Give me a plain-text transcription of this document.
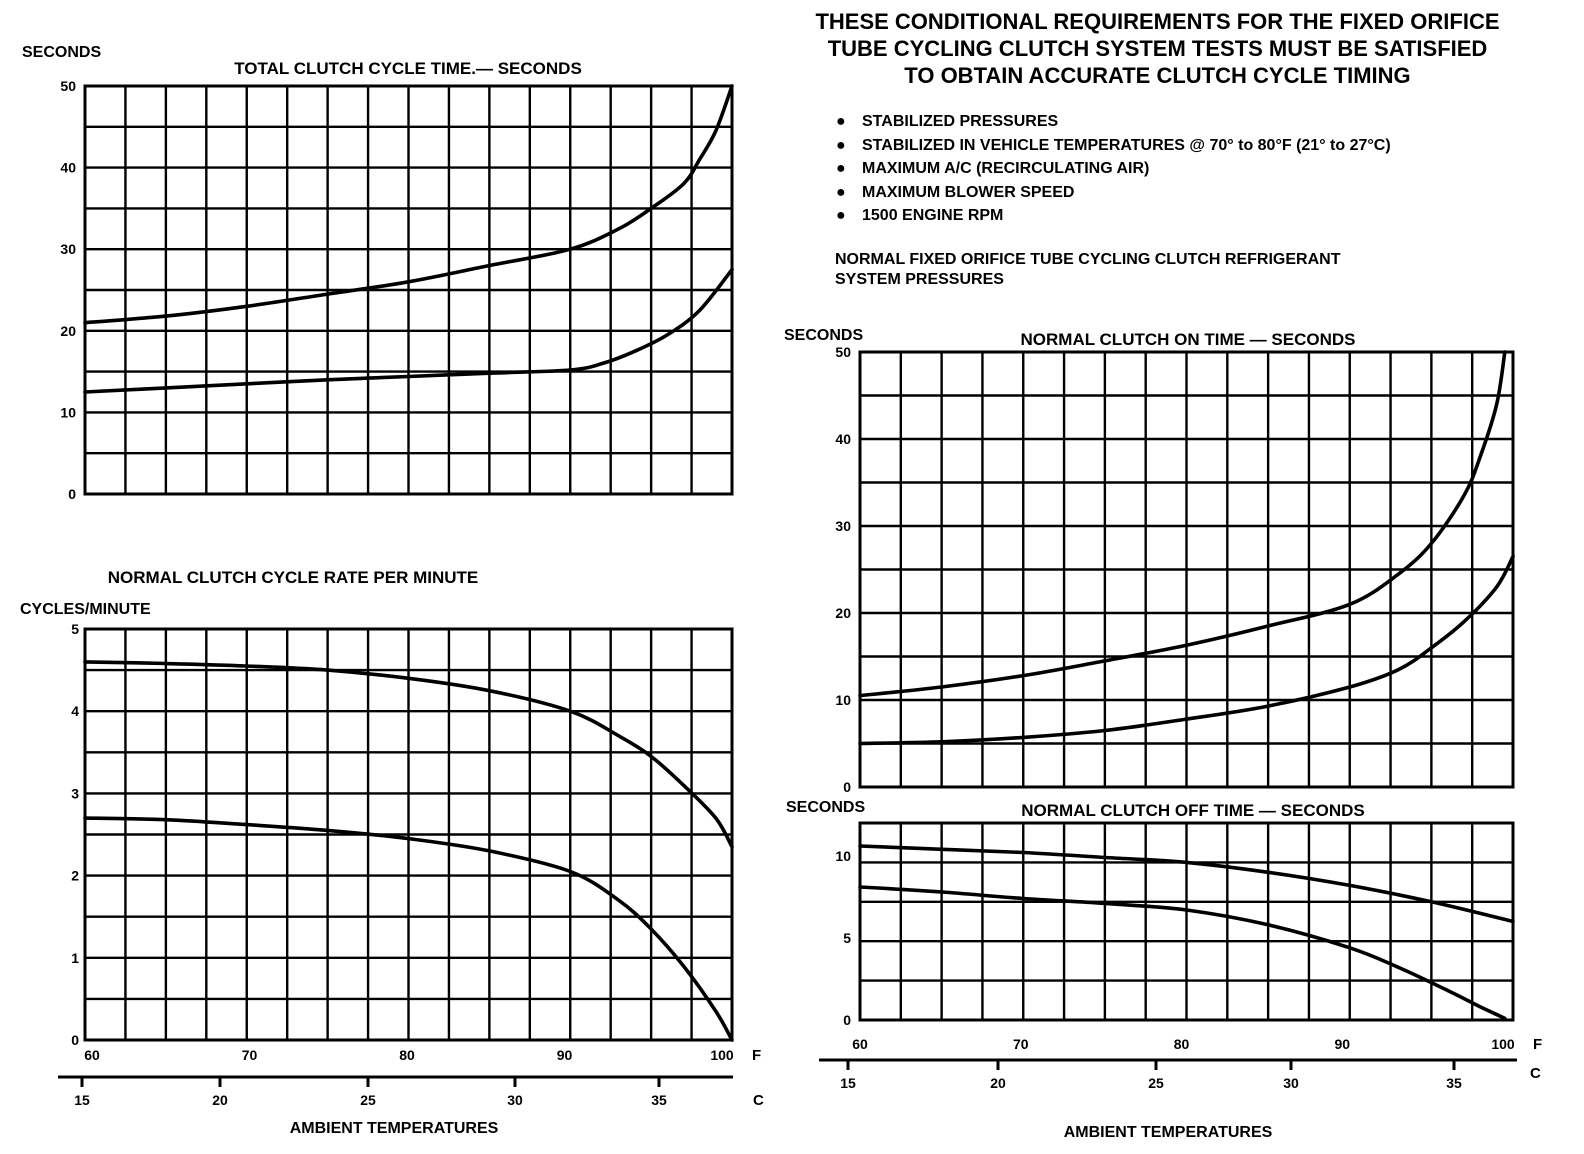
0
10
20
30
40
50
TOTAL CLUTCH CYCLE TIME.— SECONDS
SECONDS
0
1
2
3
4
5
NORMAL CLUTCH CYCLE RATE PER MINUTE
CYCLES/MINUTE
0
10
20
30
40
50
NORMAL CLUTCH ON TIME — SECONDS
SECONDS
0
5
10
NORMAL CLUTCH OFF TIME — SECONDS
SECONDS
60	70	80	90	100 F
15	20	25	30	35	C
AMBIENT TEMPERATURES
60	70	80	90	100 F
15	20	25	30	35
C
AMBIENT TEMPERATURES
THESE CONDITIONAL REQUIREMENTS FOR THE FIXED ORIFICE
TUBE CYCLING CLUTCH SYSTEM TESTS MUST BE SATISFIED
TO OBTAIN ACCURATE CLUTCH CYCLE TIMING
● STABILIZED PRESSURES
● STABILIZED IN VEHICLE TEMPERATURES @ 70° to 80°F (21° to 27°C)
● MAXIMUM A/C (RECIRCULATING AIR)
● MAXIMUM BLOWER SPEED
● 1500 ENGINE RPM
NORMAL FIXED ORIFICE TUBE CYCLING CLUTCH REFRIGERANT
SYSTEM PRESSURES
